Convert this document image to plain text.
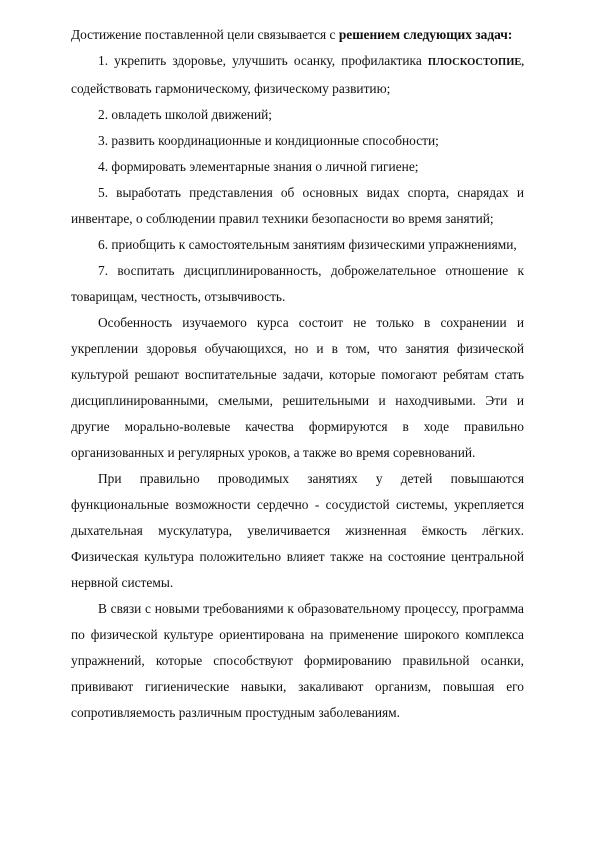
Достижение поставленной цели связывается с решением следующих задач:

1. укрепить здоровье, улучшить осанку, профилактика ПЛОСКОСТОПИЕ, содействовать гармоническому, физическому развитию;

2. овладеть школой движений;

3. развить координационные и кондиционные способности;

4. формировать элементарные знания о личной гигиене;

5. выработать представления об основных видах спорта, снарядах и инвентаре, о соблюдении правил техники безопасности во время занятий;

6. приобщить к самостоятельным занятиям физическими упражнениями,

7. воспитать дисциплинированность, доброжелательное отношение к товарищам, честность, отзывчивость.

Особенность изучаемого курса состоит не только в сохранении и укреплении здоровья обучающихся, но и в том, что занятия физической культурой решают воспитательные задачи, которые помогают ребятам стать дисциплинированными, смелыми, решительными и находчивыми. Эти и другие морально-волевые качества формируются в ходе правильно организованных и регулярных уроков, а также во время соревнований.

При правильно проводимых занятиях у детей повышаются функциональные возможности сердечно - сосудистой системы, укрепляется дыхательная мускулатура, увеличивается жизненная ёмкость лёгких. Физическая культура положительно влияет также на состояние центральной нервной системы.

В связи с новыми требованиями к образовательному процессу, программа по физической культуре ориентирована на применение широкого комплекса упражнений, которые способствуют формированию правильной осанки, прививают гигиенические навыки, закаливают организм, повышая его сопротивляемость различным простудным заболеваниям.
